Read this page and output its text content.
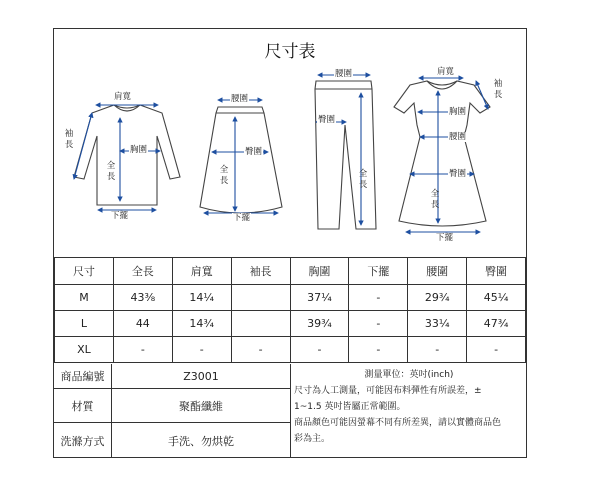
尺寸表
肩寬
袖長	胸圍
全長
下擺
腰圍
臀圍
全長
下擺
腰圍
臀圍
全長
肩寬
袖長
胸圍
腰圍
臀圍
全長
下擺
尺寸	全長	肩寬	袖長	胸圍	下擺	腰圍	臀圍
M	43⅜	14¼		37¼	-	29¾	45¼
L	44	14¾		39¾	-	33¼	47¾
XL	-	-	-	-	-	-	-
商品編號	Z3001
材質	聚酯纖維
洗滌方式	手洗、勿烘乾
測量單位：英吋(inch)

尺寸為人工測量，可能因布料彈性有所誤差，±

1~1.5 英吋皆屬正常範圍。

商品顏色可能因螢幕不同有所差異，請以實體商品色

彩為主。
